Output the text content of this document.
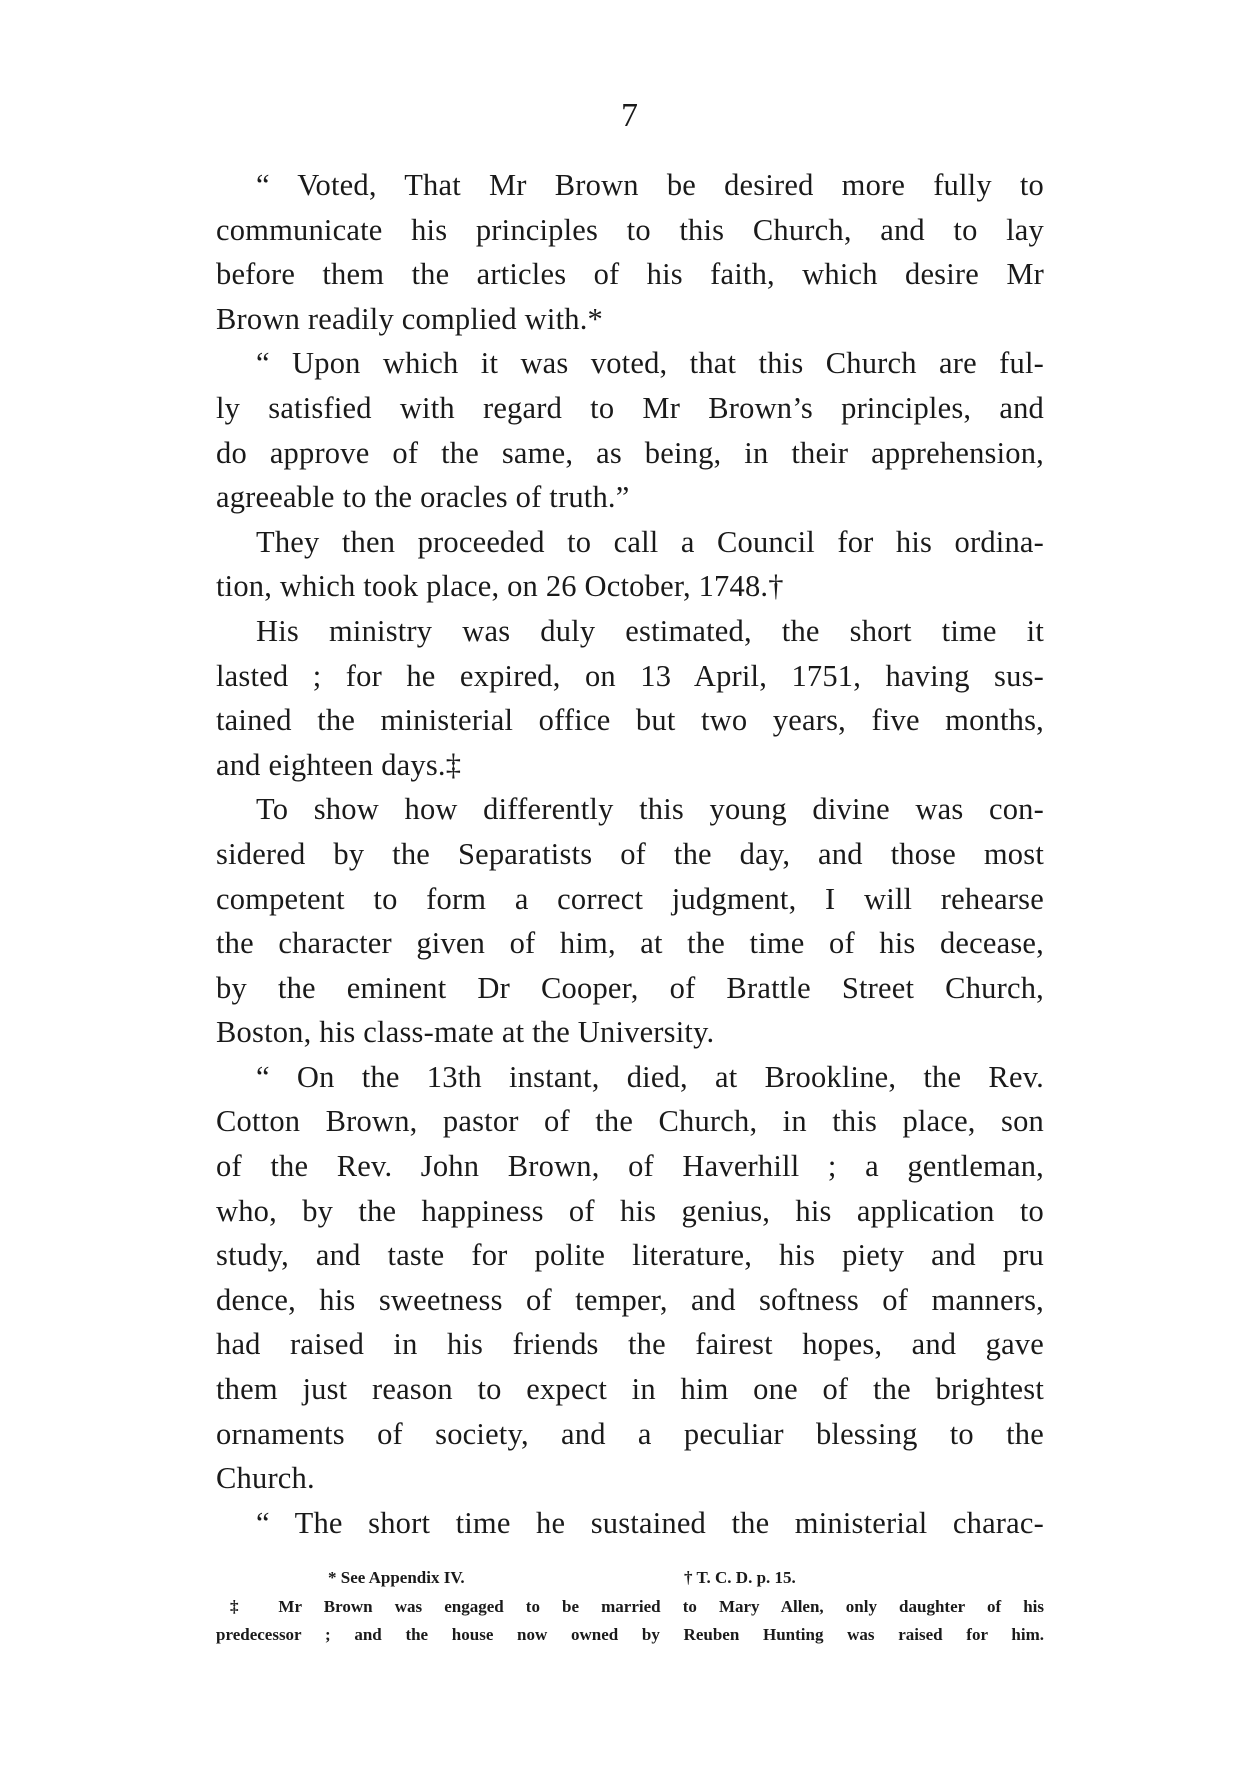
7
“ Voted, That Mr Brown be desired more fully to
communicate his principles to this Church, and to lay
before them the articles of his faith, which desire Mr
Brown readily complied with.*
“ Upon which it was voted, that this Church are ful-
ly satisfied with regard to Mr Brown’s principles, and
do approve of the same, as being, in their apprehension,
agreeable to the oracles of truth.”
They then proceeded to call a Council for his ordina-
tion, which took place, on 26 October, 1748.†
His ministry was duly estimated, the short time it
lasted ; for he expired, on 13 April, 1751, having sus-
tained the ministerial office but two years, five months,
and eighteen days.‡
To show how differently this young divine was con-
sidered by the Separatists of the day, and those most
competent to form a correct judgment, I will rehearse
the character given of him, at the time of his decease,
by the eminent Dr Cooper, of Brattle Street Church,
Boston, his class-mate at the University.
“ On the 13th instant, died, at Brookline, the Rev.
Cotton Brown, pastor of the Church, in this place, son
of the Rev. John Brown, of Haverhill ; a gentleman,
who, by the happiness of his genius, his application to
study, and taste for polite literature, his piety and pru
dence, his sweetness of temper, and softness of manners,
had raised in his friends the fairest hopes, and gave
them just reason to expect in him one of the brightest
ornaments of society, and a peculiar blessing to the
Church.
“ The short time he sustained the ministerial charac-
* See Appendix IV.	† T. C. D. p. 15.
‡ Mr Brown was engaged to be married to Mary Allen, only daughter of his
predecessor ; and the house now owned by Reuben Hunting was raised for him.
